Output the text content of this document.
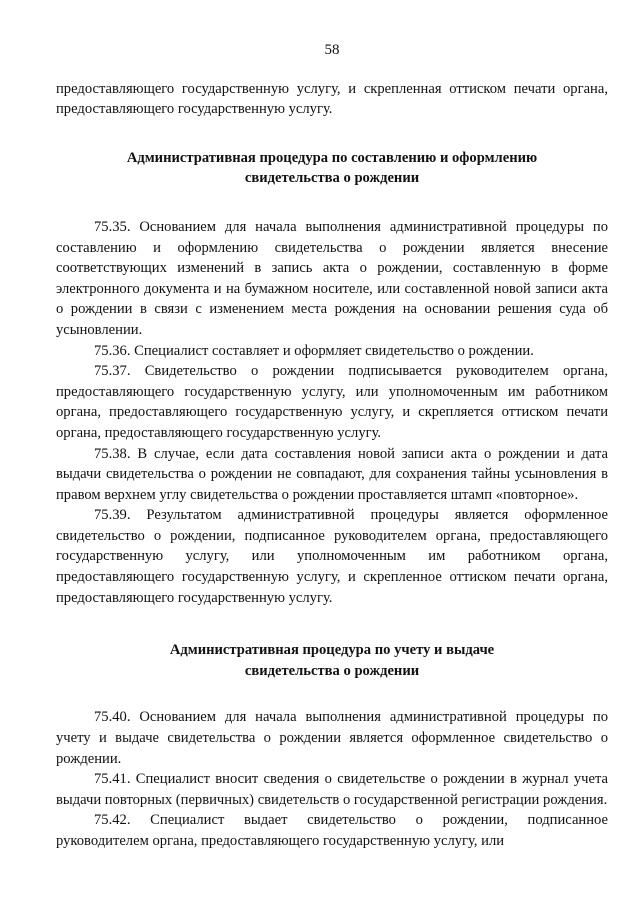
58

предоставляющего государственную услугу, и скрепленная оттиском печати органа, предоставляющего государственную услугу.

Административная процедура по составлению и оформлению
свидетельства о рождении

75.35. Основанием для начала выполнения административной процедуры по составлению и оформлению свидетельства о рождении является внесение соответствующих изменений в запись акта о рождении, составленную в форме электронного документа и на бумажном носителе, или составленной новой записи акта о рождении в связи с изменением места рождения на основании решения суда об усыновлении.

75.36. Специалист составляет и оформляет свидетельство о рождении.

75.37. Свидетельство о рождении подписывается руководителем органа, предоставляющего государственную услугу, или уполномоченным им работником органа, предоставляющего государственную услугу, и скрепляется оттиском печати органа, предоставляющего государственную услугу.

75.38. В случае, если дата составления новой записи акта о рождении и дата выдачи свидетельства о рождении не совпадают, для сохранения тайны усыновления в правом верхнем углу свидетельства о рождении проставляется штамп «повторное».

75.39. Результатом административной процедуры является оформленное свидетельство о рождении, подписанное руководителем органа, предоставляющего государственную услугу, или уполномоченным им работником органа, предоставляющего государственную услугу, и скрепленное оттиском печати органа, предоставляющего государственную услугу.

Административная процедура по учету и выдаче
свидетельства о рождении

75.40. Основанием для начала выполнения административной процедуры по учету и выдаче свидетельства о рождении является оформленное свидетельство о рождении.

75.41. Специалист вносит сведения о свидетельстве о рождении в журнал учета выдачи повторных (первичных) свидетельств о государственной регистрации рождения.

75.42. Специалист выдает свидетельство о рождении, подписанное руководителем органа, предоставляющего государственную услугу, или
